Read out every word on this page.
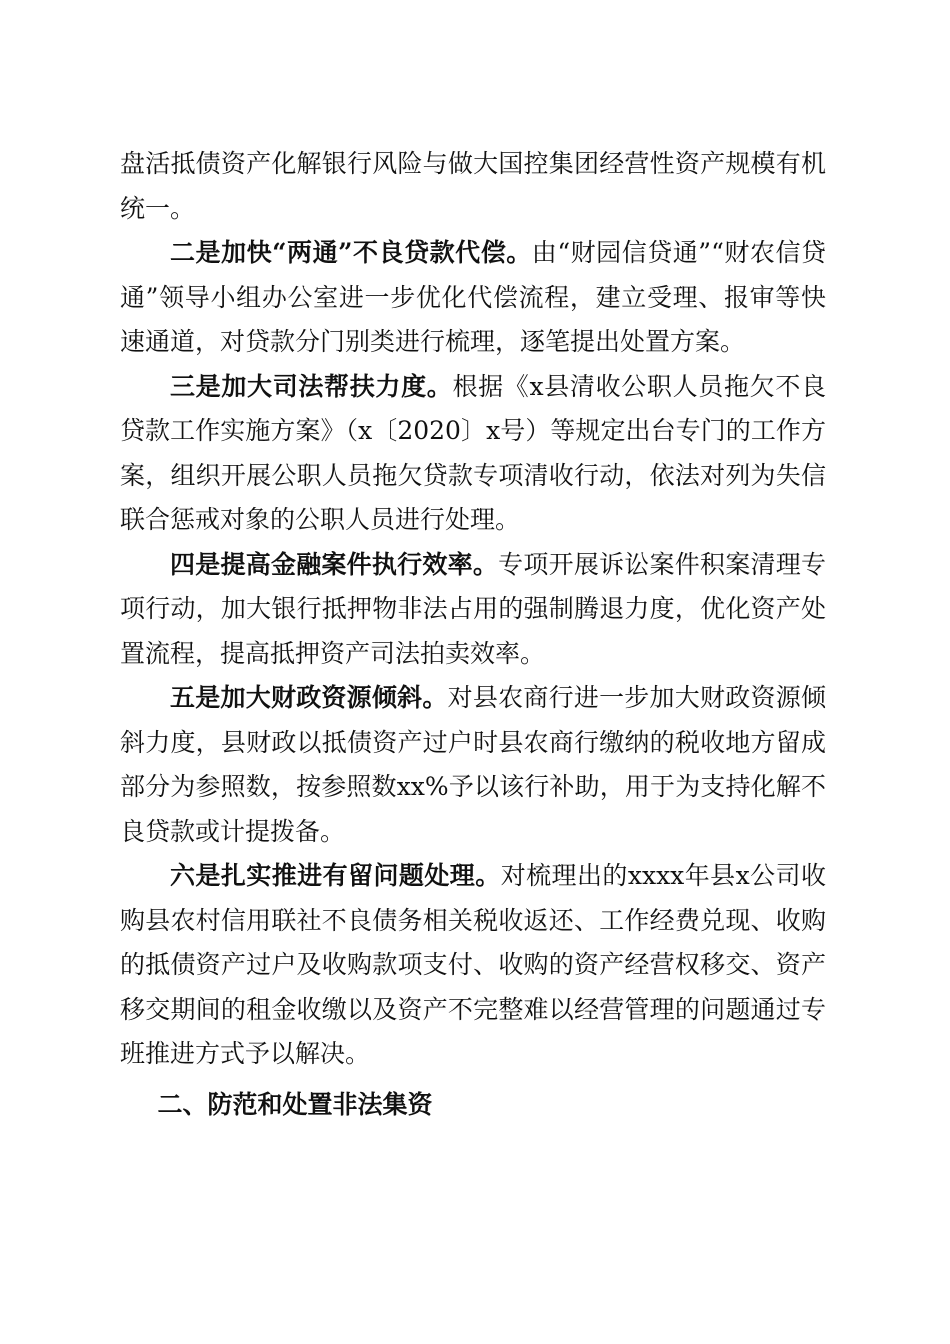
盘活抵债资产化解银行风险与做大国控集团经营性资产规模有机统一。

二是加快“两通”不良贷款代偿。由“财园信贷通”“财农信贷通”领导小组办公室进一步优化代偿流程，建立受理、报审等快速通道，对贷款分门别类进行梳理，逐笔提出处置方案。

三是加大司法帮扶力度。根据《x县清收公职人员拖欠不良贷款工作实施方案》（x〔2020〕x号）等规定出台专门的工作方案，组织开展公职人员拖欠贷款专项清收行动，依法对列为失信联合惩戒对象的公职人员进行处理。

四是提高金融案件执行效率。专项开展诉讼案件积案清理专项行动，加大银行抵押物非法占用的强制腾退力度，优化资产处置流程，提高抵押资产司法拍卖效率。

五是加大财政资源倾斜。对县农商行进一步加大财政资源倾斜力度，县财政以抵债资产过户时县农商行缴纳的税收地方留成部分为参照数，按参照数xx%予以该行补助，用于为支持化解不良贷款或计提拨备。

六是扎实推进有留问题处理。对梳理出的xxxx年县x公司收购县农村信用联社不良债务相关税收返还、工作经费兑现、收购的抵债资产过户及收购款项支付、收购的资产经营权移交、资产移交期间的租金收缴以及资产不完整难以经营管理的问题通过专班推进方式予以解决。

二、防范和处置非法集资
